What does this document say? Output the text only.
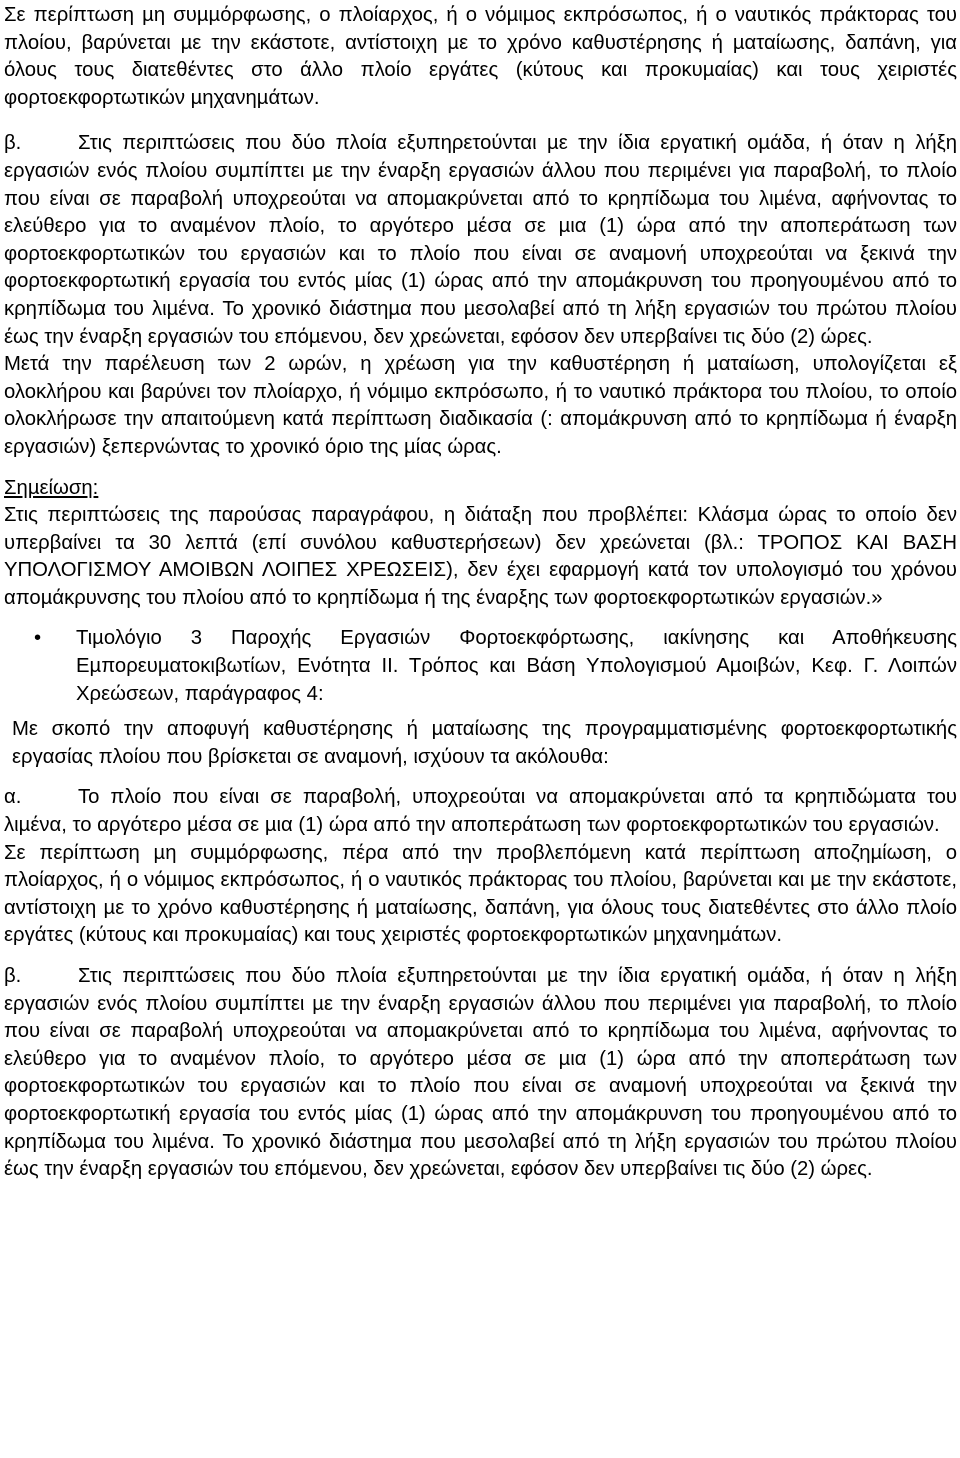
Σε περίπτωση µη συµµόρφωσης, ο πλοίαρχος, ή ο νόµιµος εκπρόσωπος, ή ο ναυτικός πράκτορας του πλοίου, βαρύνεται µε την εκάστοτε, αντίστοιχη µε το χρόνο καθυστέρησης ή µαταίωσης, δαπάνη, για όλους τους διατεθέντες στο άλλο πλοίο εργάτες (κύτους και προκυµαίας) και τους χειριστές φορτοεκφορτωτικών µηχανηµάτων.

β.	Στις περιπτώσεις που δύο πλοία εξυπηρετούνται µε την ίδια εργατική οµάδα, ή όταν η λήξη εργασιών ενός πλοίου συµπίπτει µε την έναρξη εργασιών άλλου που περιµένει για παραβολή, το πλοίο που είναι σε παραβολή υποχρεούται να αποµακρύνεται από το κρηπίδωµα του λιµένα, αφήνοντας το ελεύθερο για το αναµένον πλοίο, το αργότερο µέσα σε µια (1) ώρα από την αποπεράτωση των φορτοεκφορτωτικών του εργασιών και το πλοίο που είναι σε αναµονή υποχρεούται να ξεκινά την φορτοεκφορτωτική εργασία του εντός µίας (1) ώρας από την αποµάκρυνση του προηγουµένου από το κρηπίδωµα του λιµένα. Το χρονικό διάστηµα που µεσολαβεί από τη λήξη εργασιών του πρώτου πλοίου έως την έναρξη εργασιών του επόµενου, δεν χρεώνεται, εφόσον δεν υπερβαίνει τις δύο (2) ώρες.

Μετά την παρέλευση των 2 ωρών, η χρέωση για την καθυστέρηση ή µαταίωση, υπολογίζεται εξ ολοκλήρου και βαρύνει τον πλοίαρχο, ή νόµιµο εκπρόσωπο, ή το ναυτικό πράκτορα του πλοίου, το οποίο ολοκλήρωσε την απαιτούµενη κατά περίπτωση διαδικασία (: αποµάκρυνση από το κρηπίδωµα ή έναρξη εργασιών) ξεπερνώντας το χρονικό όριο της µίας ώρας.

Σηµείωση:

Στις περιπτώσεις της παρούσας παραγράφου, η διάταξη που προβλέπει: Κλάσµα ώρας το οποίο δεν υπερβαίνει τα 30 λεπτά (επί συνόλου καθυστερήσεων) δεν χρεώνεται (βλ.: ΤΡΟΠΟΣ ΚΑΙ ΒΑΣΗ ΥΠΟΛΟΓΙΣΜΟΥ ΑΜΟΙΒΩΝ ΛΟΙΠΕΣ ΧΡΕΩΣΕΙΣ), δεν έχει εφαρµογή κατά τον υπολογισµό του χρόνου αποµάκρυνσης του πλοίου από το κρηπίδωµα ή της έναρξης των φορτοεκφορτωτικών εργασιών.»

• Τιµολόγιο 3 Παροχής Εργασιών Φορτοεκφόρτωσης, ιακίνησης και Αποθήκευσης Εµπορευµατοκιβωτίων, Ενότητα ΙΙ. Τρόπος και Βάση Υπολογισµού Αµοιβών, Κεφ. Γ. Λοιπών Χρεώσεων, παράγραφος 4:

Με σκοπό την αποφυγή καθυστέρησης ή µαταίωσης της προγραµµατισµένης φορτοεκφορτωτικής εργασίας πλοίου που βρίσκεται σε αναµονή, ισχύουν τα ακόλουθα:

α.	Το πλοίο που είναι σε παραβολή, υποχρεούται να αποµακρύνεται από τα κρηπιδώµατα του λιµένα, το αργότερο µέσα σε µια (1) ώρα από την αποπεράτωση των φορτοεκφορτωτικών του εργασιών.

Σε περίπτωση µη συµµόρφωσης, πέρα από την προβλεπόµενη κατά περίπτωση αποζηµίωση, ο πλοίαρχος, ή ο νόµιµος εκπρόσωπος, ή ο ναυτικός πράκτορας του πλοίου, βαρύνεται και µε την εκάστοτε, αντίστοιχη µε το χρόνο καθυστέρησης ή µαταίωσης, δαπάνη, για όλους τους διατεθέντες στο άλλο πλοίο εργάτες (κύτους και προκυµαίας) και τους χειριστές φορτοεκφορτωτικών µηχανηµάτων.

β.	Στις περιπτώσεις που δύο πλοία εξυπηρετούνται µε την ίδια εργατική οµάδα, ή όταν η λήξη εργασιών ενός πλοίου συµπίπτει µε την έναρξη εργασιών άλλου που περιµένει για παραβολή, το πλοίο που είναι σε παραβολή υποχρεούται να αποµακρύνεται από το κρηπίδωµα του λιµένα, αφήνοντας το ελεύθερο για το αναµένον πλοίο, το αργότερο µέσα σε µια (1) ώρα από την αποπεράτωση των φορτοεκφορτωτικών του εργασιών και το πλοίο που είναι σε αναµονή υποχρεούται να ξεκινά την φορτοεκφορτωτική εργασία του εντός µίας (1) ώρας από την αποµάκρυνση του προηγουµένου από το κρηπίδωµα του λιµένα. Το χρονικό διάστηµα που µεσολαβεί από τη λήξη εργασιών του πρώτου πλοίου έως την έναρξη εργασιών του επόµενου, δεν χρεώνεται, εφόσον δεν υπερβαίνει τις δύο (2) ώρες.
